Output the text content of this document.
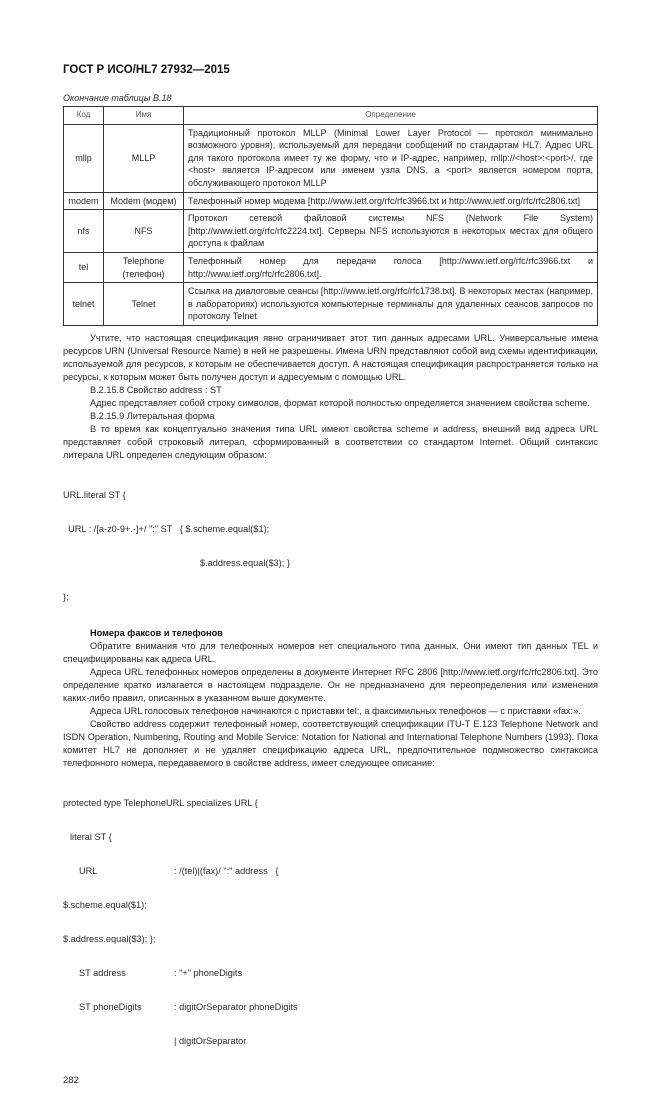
ГОСТ Р ИСО/HL7 27932—2015
Окончание таблицы B.18
Код	Имя	Определение
mllp	MLLP	Традиционный протокол MLLP (Minimal Lower Layer Protocol — протокол минимально возможного уровня), используемый для передачи сообщений по стандартам HL7. Адрес URL для такого протокола имеет ту же форму, что и IP-адрес, например, mllp://<host>:<port>/, где <host> является IP-адресом или именем узла DNS, а <port> является номером порта, обслуживающего протокол MLLP
modem	Modem (модем)	Телефонный номер модема [http://www.ietf.org/rfc/rfc3966.txt и http://www.ietf.org/rfc/rfc2806.txt]
nfs	NFS	Протокол сетевой файловой системы NFS (Network File System) [http://www.ietf.org/rfc/rfc2224.txt]. Серверы NFS используются в некоторых местах для общего доступа к файлам
tel	Telephone (телефон)	Телефонный номер для передачи голоса [http://www.ietf.org/rfc/rfc3966.txt и http://www.ietf.org/rfc/rfc2806.txt].
telnet	Telnet	Ссылка на диалоговые сеансы [http://www.ietf.org/rfc/rfc1738.txt]. В некоторых местах (например, в лабораториях) используются компьютерные терминалы для удаленных сеансов запросов по протоколу Telnet

Учтите, что настоящая спецификация явно ограничивает этот тип данных адресами URL. Универсальные имена ресурсов URN (Universal Resource Name) в ней не разрешены. Имена URN представляют собой вид схемы идентификации, используемой для ресурсов, к которым не обеспечивается доступ. А настоящая спецификация распространяется только на ресурсы, к которым может быть получен доступ и адресуемым с помощью URL.

B.2.15.8 Свойство address : ST

Адрес представляет собой строку символов, формат которой полностью определяется значением свойства scheme.

B.2.15.9 Литеральная форма

В то время как концептуально значения типа URL имеют свойства scheme и address, внешний вид адреса URL представляет собой строковый литерал, сформированный в соответствии со стандартом Internet. Общий синтаксис литерала URL определен следующим образом:

URL.literal ST {

URL : /[a-z0-9+.-]+/ ":" ST   { $.scheme.equal($1);

$.address.equal($3); }

};

Номера факсов и телефонов

Обратите внимания что для телефонных номеров нет специального типа данных. Они имеют тип данных TEL и специфицированы как адреса URL.

Адреса URL телефонных номеров определены в документе Интернет RFC 2806 [http://www.ietf.org/rfc/rfc2806.txt]. Это определение кратко излагается в настоящем подразделе. Он не предназначено для переопределения или изменения каких-либо правил, описанных в указанном выше документе.

Адреса URL голосовых телефонов начинаются с приставки tel:, а факсимильных телефонов — с приставки «fax:».

Свойство address содержит телефонный номер, соответствующий спецификации ITU-T E.123 Telephone Network and ISDN Operation, Numbering, Routing and Mobile Service: Notation for National and International Telephone Numbers (1993). Пока комитет HL7 не дополняет и не удаляет спецификацию адреса URL, предпочтительное подмножество синтаксиса телефонного номера, передаваемого в свойстве address, имеет следующее описание:

protected type TelephoneURL specializes URL {

literal ST {

URL	: /(tel)|(fax)/ ":" address   {

$.scheme.equal($1);

$.address.equal($3); };

ST address	: "+" phoneDigits

ST phoneDigits	: digitOrSeparator phoneDigits

| digitOrSeparator

282
